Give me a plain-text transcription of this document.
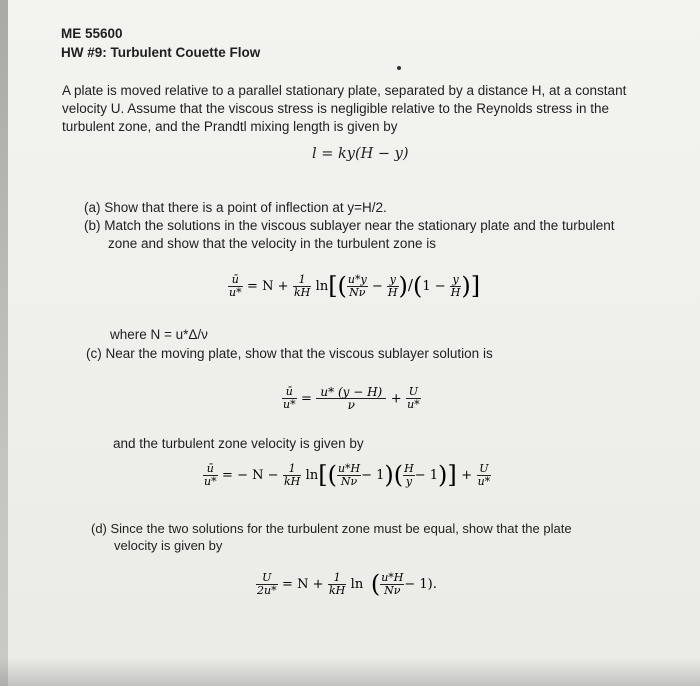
ME 55600
HW #9: Turbulent Couette Flow
A plate is moved relative to a parallel stationary plate, separated by a distance H, at a constant
velocity U. Assume that the viscous stress is negligible relative to the Reynolds stress in the
turbulent zone, and the Prandtl mixing length is given by
l = ky(H − y)
(a) Show that there is a point of inflection at y=H/2.
(b) Match the solutions in the viscous sublayer near the stationary plate and the turbulent
zone and show that the velocity in the turbulent zone is
$\frac{ū}{u*} = N + \frac{1}{kH} \ln[( \frac{u*y}{N\nu} - \frac{y}{H} )/(1 - \frac{y}{H}$ )]
where N = u*Δ/ν
(c) Near the moving plate, show that the viscous sublayer solution is
$\frac{ū}{u*} = \frac{u* (y - H)}{\nu} + \frac{U}{u*}$
and the turbulent zone velocity is given by
$\frac{ū}{u*}$ = − $N - \frac{1}{kH} \ln[( \frac{u*H}{N\nu} - 1)( \frac{H}{y} - 1)] + \frac{U}{u*}$
(d) Since the two solutions for the turbulent zone must be equal, show that the plate
velocity is given by
$\frac{U}{2u*} = N + \frac{1}{kH}$ ln ( $\frac{u*H}{N\nu} - 1$).
